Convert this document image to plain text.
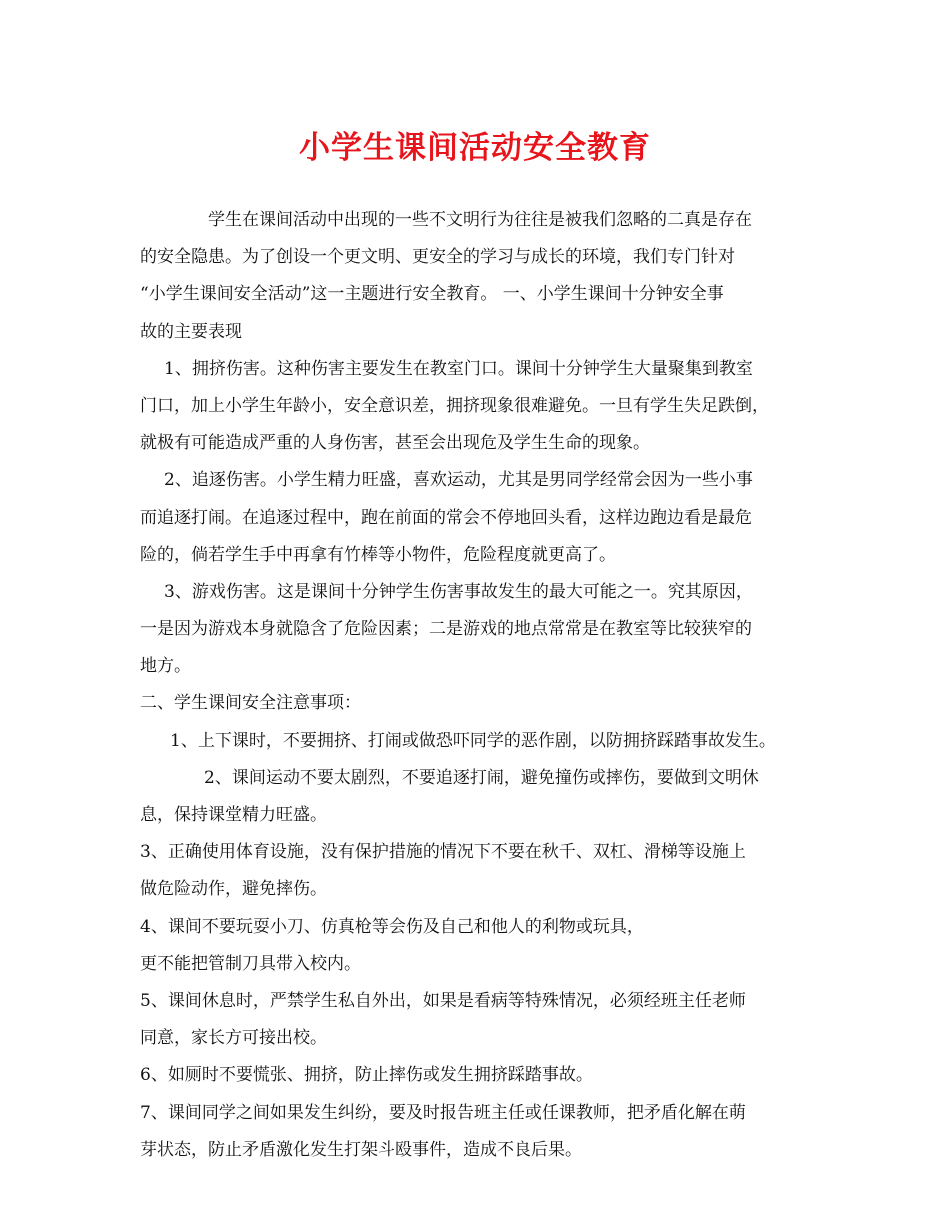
小学生课间活动安全教育
学生在课间活动中出现的一些不文明行为往往是被我们忽略的二真是存在
的安全隐患。为了创设一个更文明、更安全的学习与成长的环境，我们专门针对
“小学生课间安全活动”这一主题进行安全教育。 一、小学生课间十分钟安全事
故的主要表现
1、拥挤伤害。这种伤害主要发生在教室门口。课间十分钟学生大量聚集到教室
门口，加上小学生年龄小，安全意识差，拥挤现象很难避免。一旦有学生失足跌倒，
就极有可能造成严重的人身伤害，甚至会出现危及学生生命的现象。
2、追逐伤害。小学生精力旺盛，喜欢运动，尤其是男同学经常会因为一些小事
而追逐打闹。在追逐过程中，跑在前面的常会不停地回头看，这样边跑边看是最危
险的，倘若学生手中再拿有竹棒等小物件，危险程度就更高了。
3、游戏伤害。这是课间十分钟学生伤害事故发生的最大可能之一。究其原因，
一是因为游戏本身就隐含了危险因素；二是游戏的地点常常是在教室等比较狭窄的
地方。
二、学生课间安全注意事项：
1、上下课时，不要拥挤、打闹或做恐吓同学的恶作剧，以防拥挤踩踏事故发生。
2、课间运动不要太剧烈，不要追逐打闹，避免撞伤或摔伤，要做到文明休
息，保持课堂精力旺盛。
3、正确使用体育设施，没有保护措施的情况下不要在秋千、双杠、滑梯等设施上
做危险动作，避免摔伤。
4、课间不要玩耍小刀、仿真枪等会伤及自己和他人的利物或玩具，
更不能把管制刀具带入校内。
5、课间休息时，严禁学生私自外出，如果是看病等特殊情况，必须经班主任老师
同意，家长方可接出校。
6、如厕时不要慌张、拥挤，防止摔伤或发生拥挤踩踏事故。
7、课间同学之间如果发生纠纷，要及时报告班主任或任课教师，把矛盾化解在萌
芽状态，防止矛盾激化发生打架斗殴事件，造成不良后果。
